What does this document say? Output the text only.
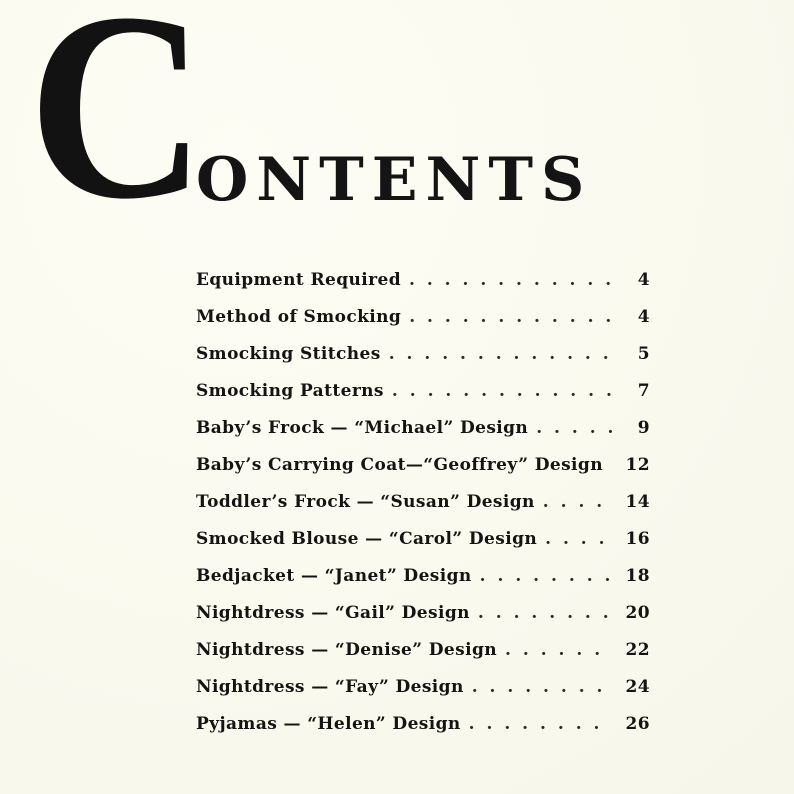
C
ONTENTS
Equipment Required . . .	4
Method of Smocking . . .	4
Smocking Stitches . . .	5
Smocking Patterns . . .	7
Baby’s Frock — “Michael” Design . . .	9
Baby’s Carrying Coat—“Geoffrey” Design . . .	12
Toddler’s Frock — “Susan” Design . . .	14
Smocked Blouse — “Carol” Design . . .	16
Bedjacket — “Janet” Design . . .	18
Nightdress — “Gail” Design . . .	20
Nightdress — “Denise” Design . . .	22
Nightdress — “Fay” Design . . .	24
Pyjamas — “Helen” Design . . .	26
